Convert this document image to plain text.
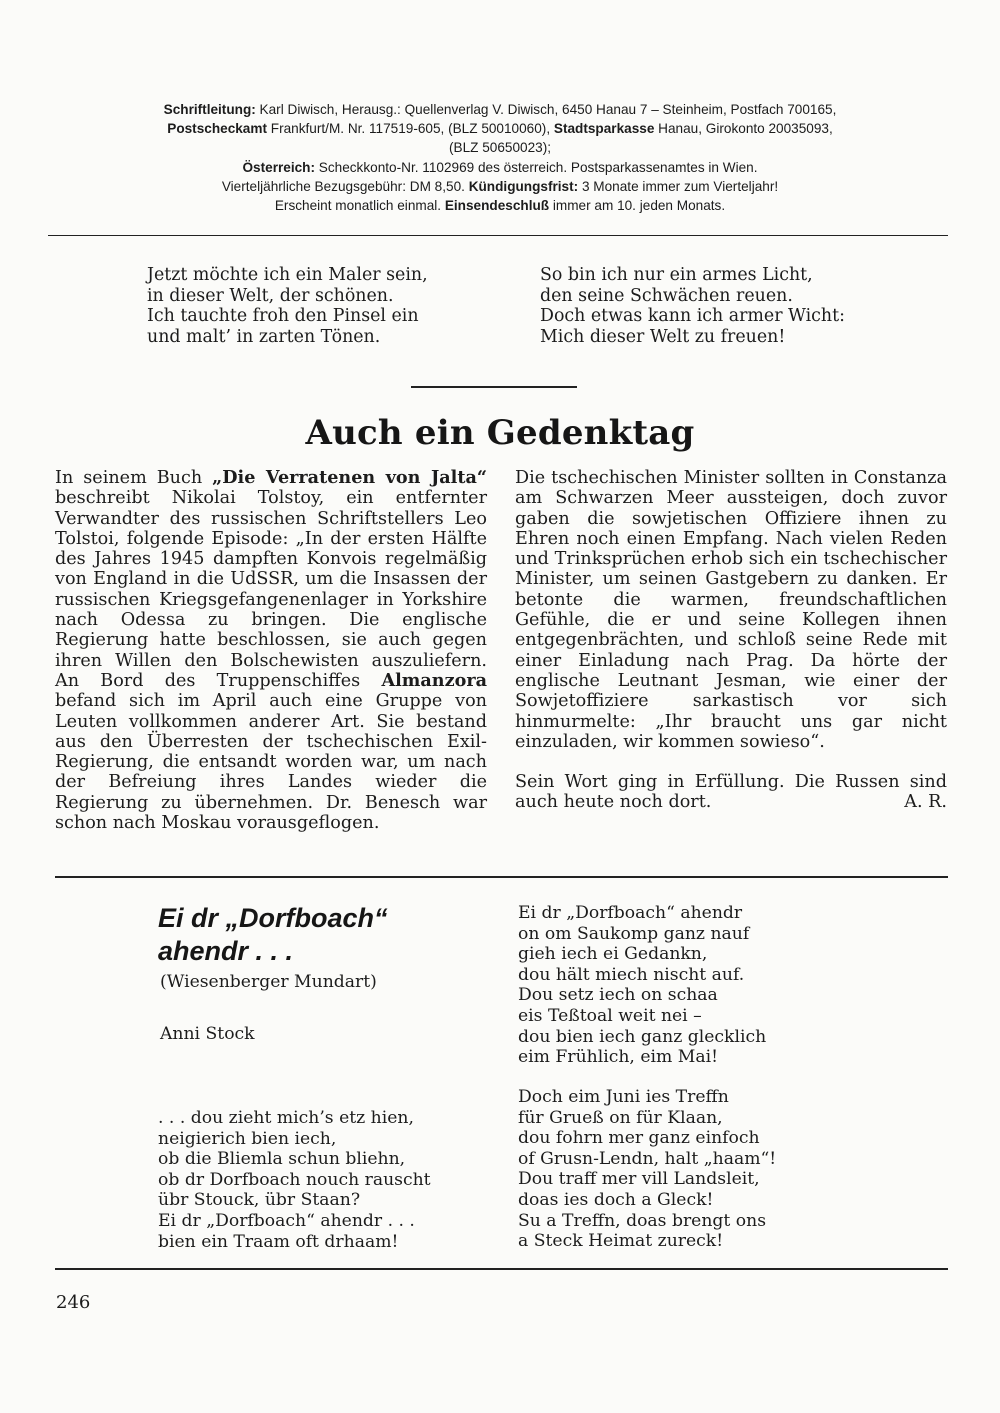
Schriftleitung: Karl Diwisch, Herausg.: Quellenverlag V. Diwisch, 6450 Hanau 7 – Steinheim, Postfach 700165,
Postscheckamt Frankfurt/M. Nr. 117519-605, (BLZ 50010060), Stadtsparkasse Hanau, Girokonto 20035093,
(BLZ 50650023);
Österreich: Scheckkonto-Nr. 1102969 des österreich. Postsparkassenamtes in Wien.
Vierteljährliche Bezugsgebühr: DM 8,50. Kündigungsfrist: 3 Monate immer zum Vierteljahr!
Erscheint monatlich einmal. Einsendeschluß immer am 10. jeden Monats.
Jetzt möchte ich ein Maler sein,
in dieser Welt, der schönen.
Ich tauchte froh den Pinsel ein
und malt’ in zarten Tönen.
So bin ich nur ein armes Licht,
den seine Schwächen reuen.
Doch etwas kann ich armer Wicht:
Mich dieser Welt zu freuen!
Auch ein Gedenktag

In seinem Buch „Die Verratenen von Jalta“ beschreibt Nikolai Tolstoy, ein entfernter Verwandter des russischen Schriftstellers Leo Tolstoi, folgende Episode: „In der ersten Hälfte des Jahres 1945 dampften Konvois regelmäßig von England in die UdSSR, um die Insassen der russischen Kriegsgefangenenlager in Yorkshire nach Odessa zu bringen. Die englische Regierung hatte beschlossen, sie auch gegen ihren Willen den Bolschewisten auszuliefern. An Bord des Truppenschiffes Almanzora befand sich im April auch eine Gruppe von Leuten vollkommen anderer Art. Sie bestand aus den Überresten der tschechischen Exil-Regierung, die entsandt worden war, um nach der Befreiung ihres Landes wieder die Regierung zu übernehmen. Dr. Benesch war schon nach Moskau vorausgeflogen.

Die tschechischen Minister sollten in Constanza am Schwarzen Meer aussteigen, doch zuvor gaben die sowjetischen Offiziere ihnen zu Ehren noch einen Empfang. Nach vielen Reden und Trinksprüchen erhob sich ein tschechischer Minister, um seinen Gastgebern zu danken. Er betonte die warmen, freundschaftlichen Gefühle, die er und seine Kollegen ihnen entgegenbrächten, und schloß seine Rede mit einer Einladung nach Prag. Da hörte der englische Leutnant Jesman, wie einer der Sowjetoffiziere sarkastisch vor sich hinmurmelte: „Ihr braucht uns gar nicht einzuladen, wir kommen sowieso“.

Sein Wort ging in Erfüllung. Die Russen sind auch heute noch dort.	A. R.

Ei dr „Dorfboach“ ahendr . . .
(Wiesenberger Mundart)
Anni Stock
. . . dou zieht mich’s etz hien,
neigierich bien iech,
ob die Bliemla schun bliehn,
ob dr Dorfboach nouch rauscht
übr Stouck, übr Staan?
Ei dr „Dorfboach“ ahendr . . .
bien ein Traam oft drhaam!
Ei dr „Dorfboach“ ahendr
on om Saukomp ganz nauf
gieh iech ei Gedankn,
dou hält miech nischt auf.
Dou setz iech on schaa
eis Teßtoal weit nei –
dou bien iech ganz glecklich
eim Frühlich, eim Mai!
Doch eim Juni ies Treffn
für Grueß on für Klaan,
dou fohrn mer ganz einfoch
of Grusn-Lendn, halt „haam“!
Dou traff mer vill Landsleit,
doas ies doch a Gleck!
Su a Treffn, doas brengt ons
a Steck Heimat zureck!
246
